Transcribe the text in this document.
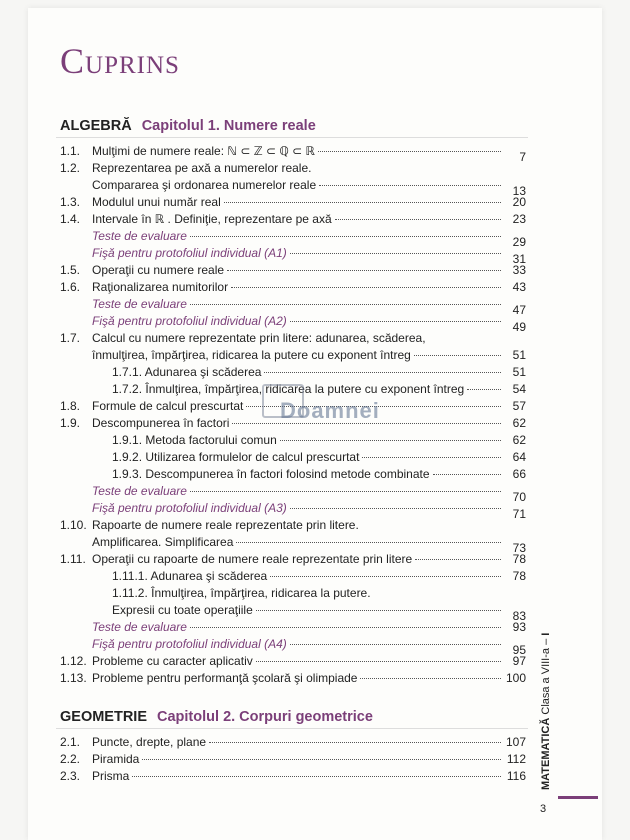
Cuprins
ALGEBRĂ Capitolul 1. Numere reale
1.1. Mulţimi de numere reale: ℕ ⊂ ℤ ⊂ ℚ ⊂ ℝ	7
1.2. Reprezentarea pe axă a numerelor reale.
Compararea şi ordonarea numerelor reale	13
1.3. Modulul unui număr real	20
1.4. Intervale în ℝ . Definiţie, reprezentare pe axă	23
Teste de evaluare	29
Fişă pentru protofoliul individual (A1)	31
1.5. Operaţii cu numere reale	33
1.6. Raţionalizarea numitorilor	43
Teste de evaluare	47
Fişă pentru protofoliul individual (A2)	49
1.7. Calcul cu numere reprezentate prin litere: adunarea, scăderea,
înmulţirea, împărţirea, ridicarea la putere cu exponent întreg	51
1.7.1. Adunarea şi scăderea	51
1.7.2. Înmulţirea, împărţirea, ridicarea la putere cu exponent întreg	54
1.8. Formule de calcul prescurtat	57
1.9. Descompunerea în factori	62
1.9.1. Metoda factorului comun	62
1.9.2. Utilizarea formulelor de calcul prescurtat	64
1.9.3. Descompunerea în factori folosind metode combinate	66
Teste de evaluare	70
Fişă pentru protofoliul individual (A3)	71
1.10. Rapoarte de numere reale reprezentate prin litere.
Amplificarea. Simplificarea	73
1.11. Operaţii cu rapoarte de numere reale reprezentate prin litere	78
1.11.1. Adunarea şi scăderea	78
1.11.2. Înmulţirea, împărţirea, ridicarea la putere.
Expresii cu toate operaţiile	83
Teste de evaluare	93
Fişă pentru protofoliul individual (A4)	95
1.12. Probleme cu caracter aplicativ	97
1.13. Probleme pentru performanţă şcolară şi olimpiade	100
GEOMETRIE Capitolul 2. Corpuri geometrice
2.1. Puncte, drepte, plane	107
2.2. Piramida	112
2.3. Prisma	116 MATEMATICĂ Clasa a VIII-a – I
3
Doamnei
